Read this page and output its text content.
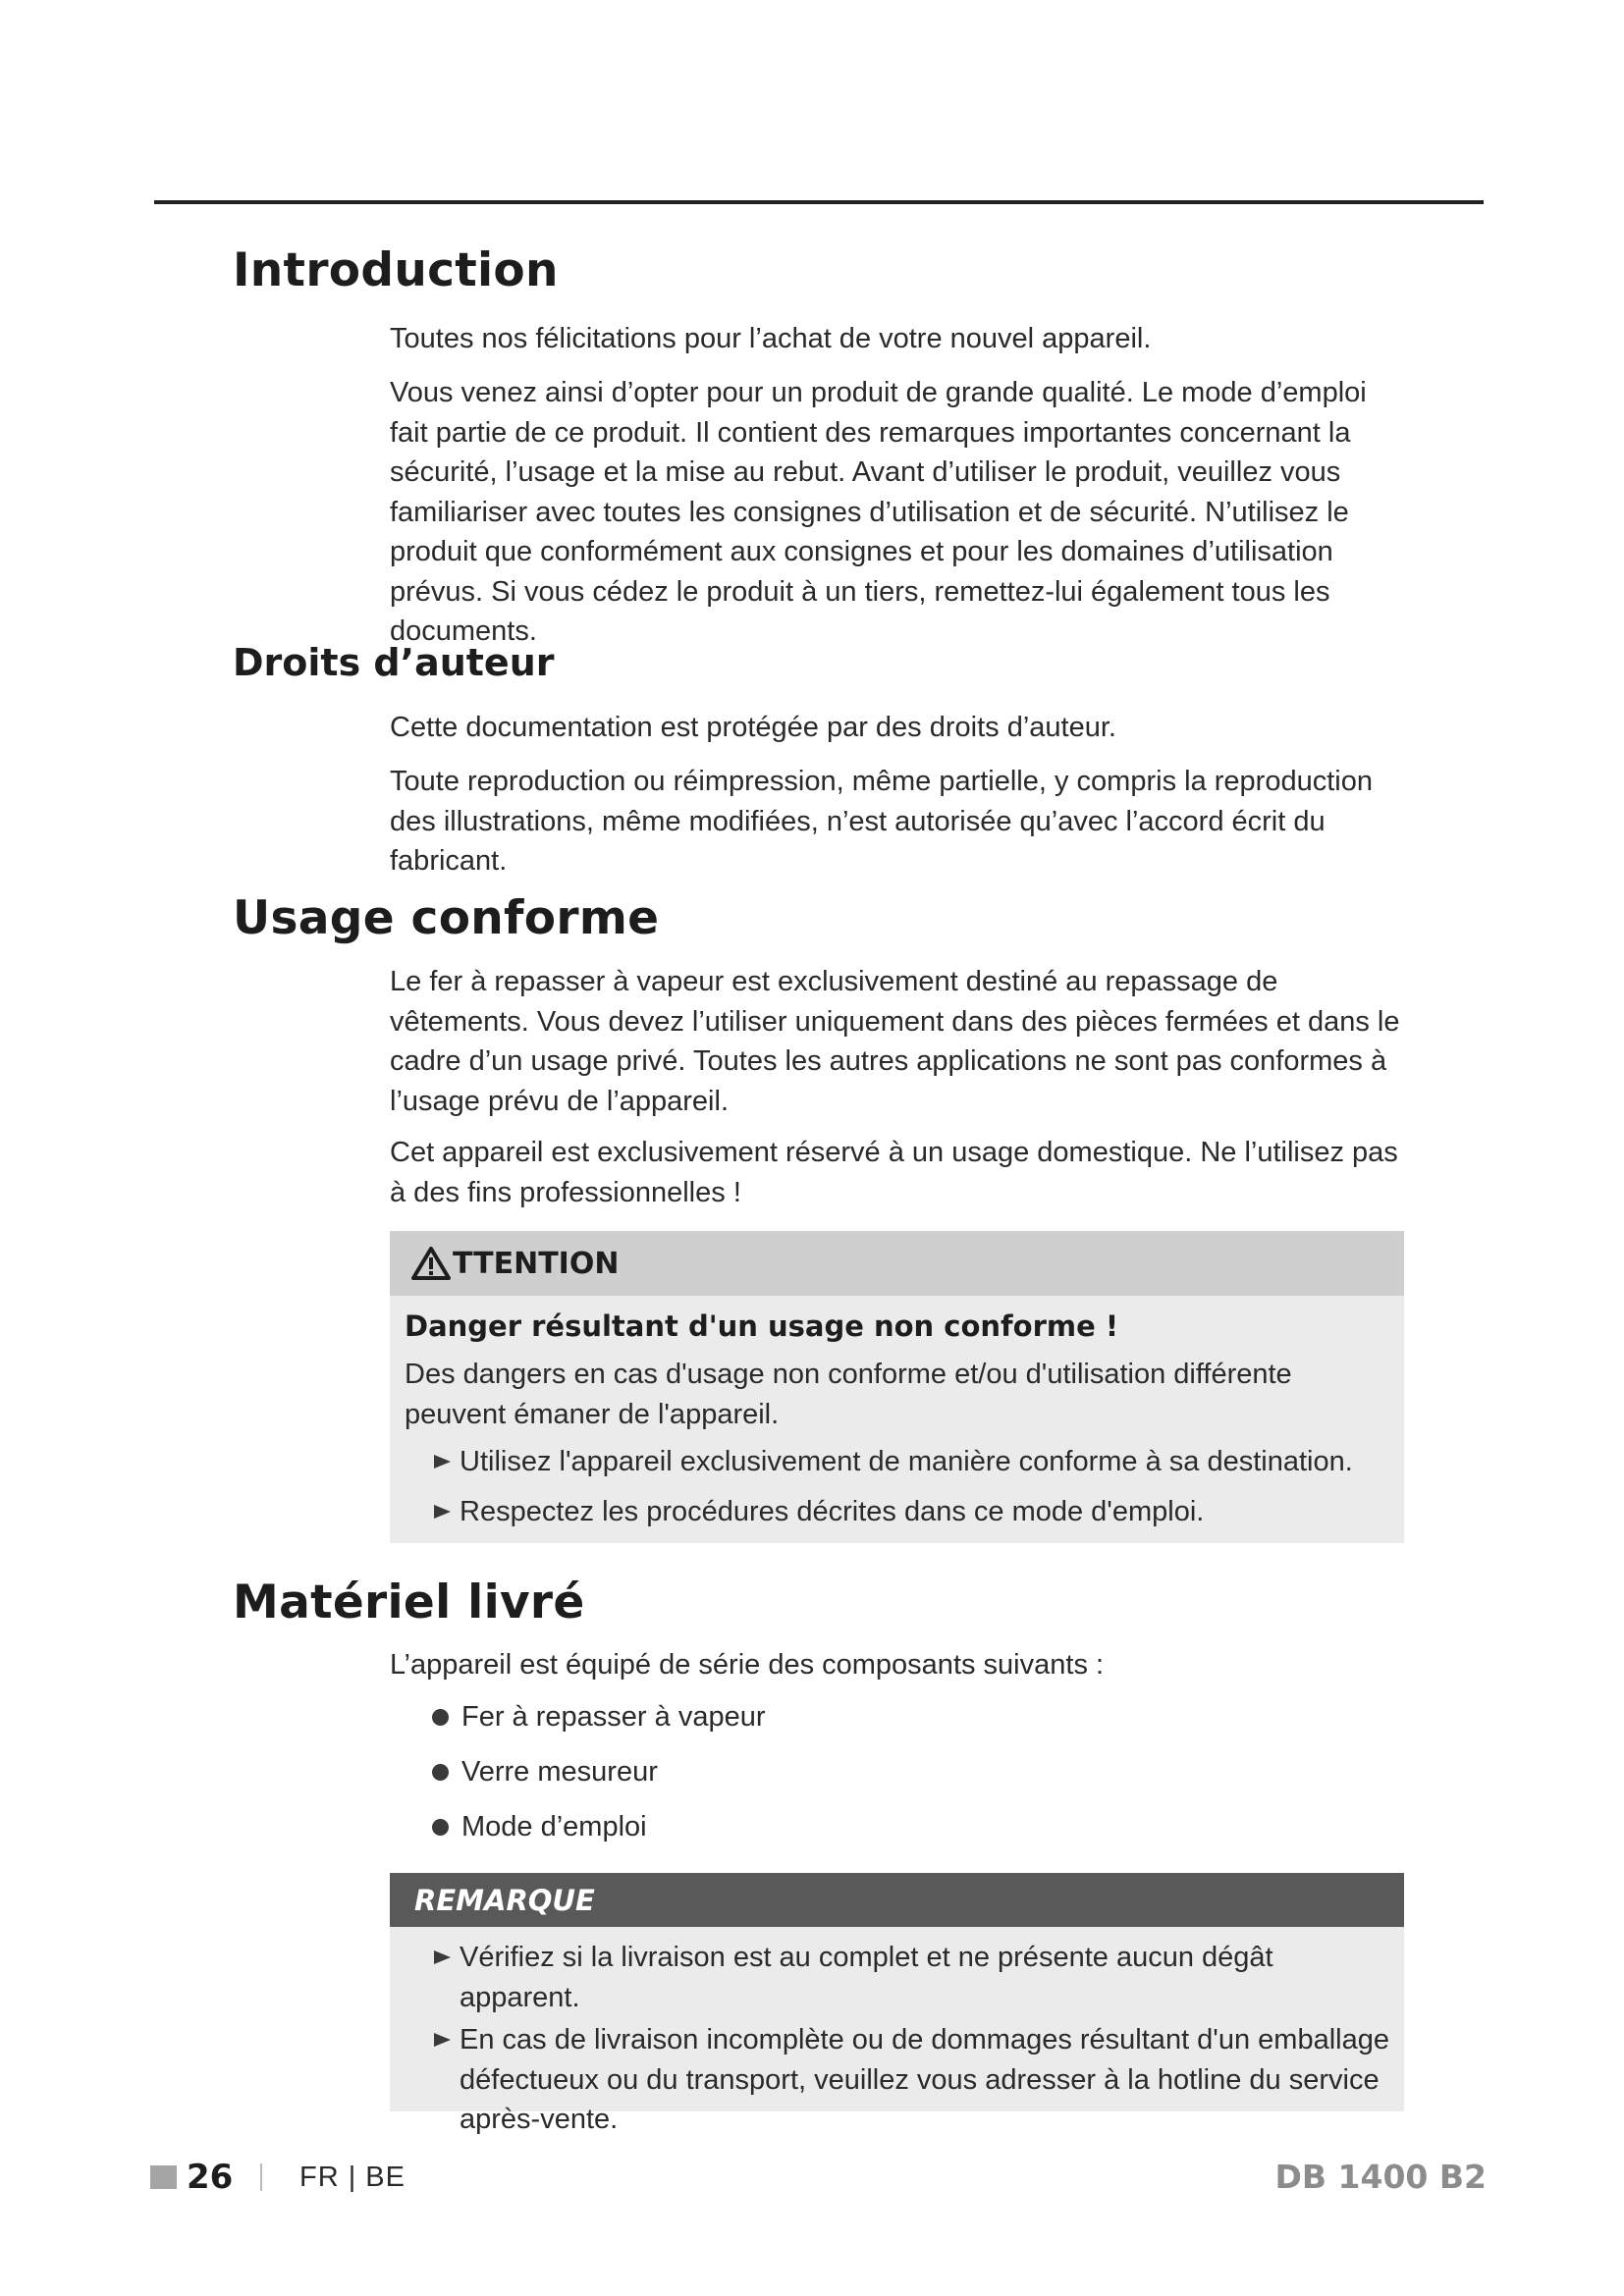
Introduction

Toutes nos félicitations pour l’achat de votre nouvel appareil.

Vous venez ainsi d’opter pour un produit de grande qualité. Le mode d’emploi fait partie de ce produit. Il contient des remarques importantes concernant la sécurité, l’usage et la mise au rebut. Avant d’utiliser le produit, veuillez vous familiariser avec toutes les consignes d’utilisation et de sécurité. N’utilisez le produit que conformément aux consignes et pour les domaines d’utilisation prévus. Si vous cédez le produit à un tiers, remettez-lui également tous les documents.

Droits d’auteur

Cette documentation est protégée par des droits d’auteur.

Toute reproduction ou réimpression, même partielle, y compris la reproduction des illustrations, même modifiées, n’est autorisée qu’avec l’accord écrit du fabricant.

Usage conforme

Le fer à repasser à vapeur est exclusivement destiné au repassage de vêtements. Vous devez l’utiliser uniquement dans des pièces fermées et dans le cadre d’un usage privé. Toutes les autres applications ne sont pas conformes à l’usage prévu de l’appareil.

Cet appareil est exclusivement réservé à un usage domestique. Ne l’utilisez pas à des fins professionnelles !

TTENTION
Danger résultant d'un usage non conforme !
Des dangers en cas d'usage non conforme et/ou d'utilisation différente peuvent émaner de l'appareil.
Utilisez l'appareil exclusivement de manière conforme à sa destination.
Respectez les procédures décrites dans ce mode d'emploi.
Matériel livré

L’appareil est équipé de série des composants suivants :

Fer à repasser à vapeur
Verre mesureur
Mode d’emploi
REMARQUE
Vérifiez si la livraison est au complet et ne présente aucun dégât apparent.
En cas de livraison incomplète ou de dommages résultant d'un emballage défectueux ou du transport, veuillez vous adresser à la hotline du service après-vente.
26 FR | BE	DB 1400 B2
